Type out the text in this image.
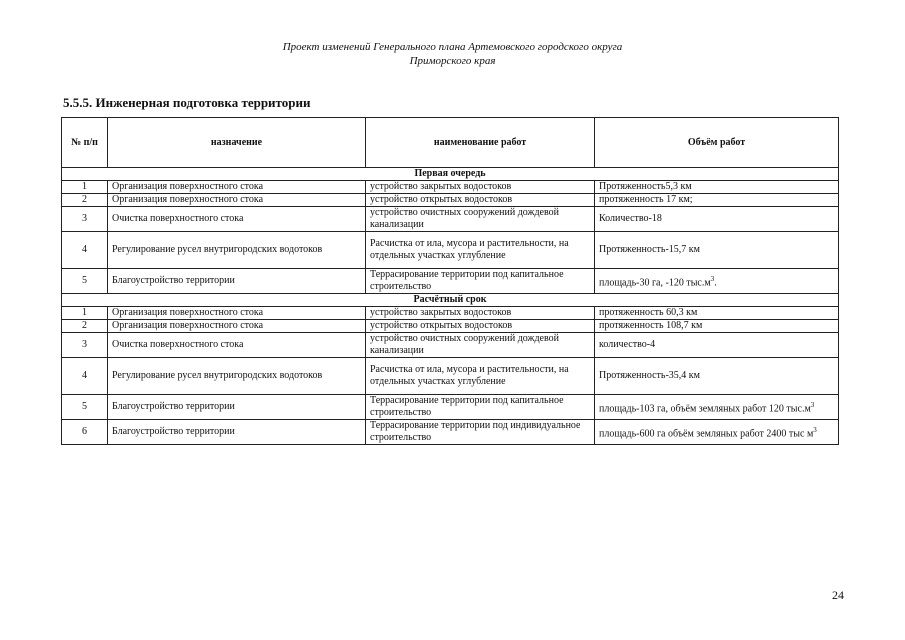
Проект изменений Генерального плана Артемовского городского округа
Приморского края
5.5.5. Инженерная подготовка территории
№ п/п	назначение	наименование работ	Объём работ
Первая очередь			
1	Организация поверхностного стока	устройство закрытых водостоков	Протяженность5,3 км
2	Организация поверхностного стока	устройство открытых водостоков	протяженность 17 км;
3	Очистка поверхностного стока	устройство очистных сооружений дождевой канализации	Количество-18
4	Регулирование русел внутригородских водотоков	Расчистка от ила, мусора и растительности, на отдельных участках углубление	Протяженность-15,7 км
5	Благоустройство территории	Террасирование территории под капитальное строительство	площадь-30 га, -120 $тыс.м^3$.
Расчётный срок			
1	Организация поверхностного стока	устройство закрытых водостоков	протяженность 60,3 км
2	Организация поверхностного стока	устройство открытых водостоков	протяженность 108,7 км
3	Очистка поверхностного стока	устройство очистных сооружений дождевой канализации	количество-4
4	Регулирование русел внутригородских водотоков	Расчистка от ила, мусора и растительности, на отдельных участках углубление	Протяженность-35,4 км
5	Благоустройство территории	Террасирование территории под капитальное строительство	площадь-103 га, объём земляных работ 120 $тыс.м^3$
6	Благоустройство территории	Террасирование территории под индивидуальное строительство	площадь-600 га объём земляных работ 2400 тыс $м^3$
24
